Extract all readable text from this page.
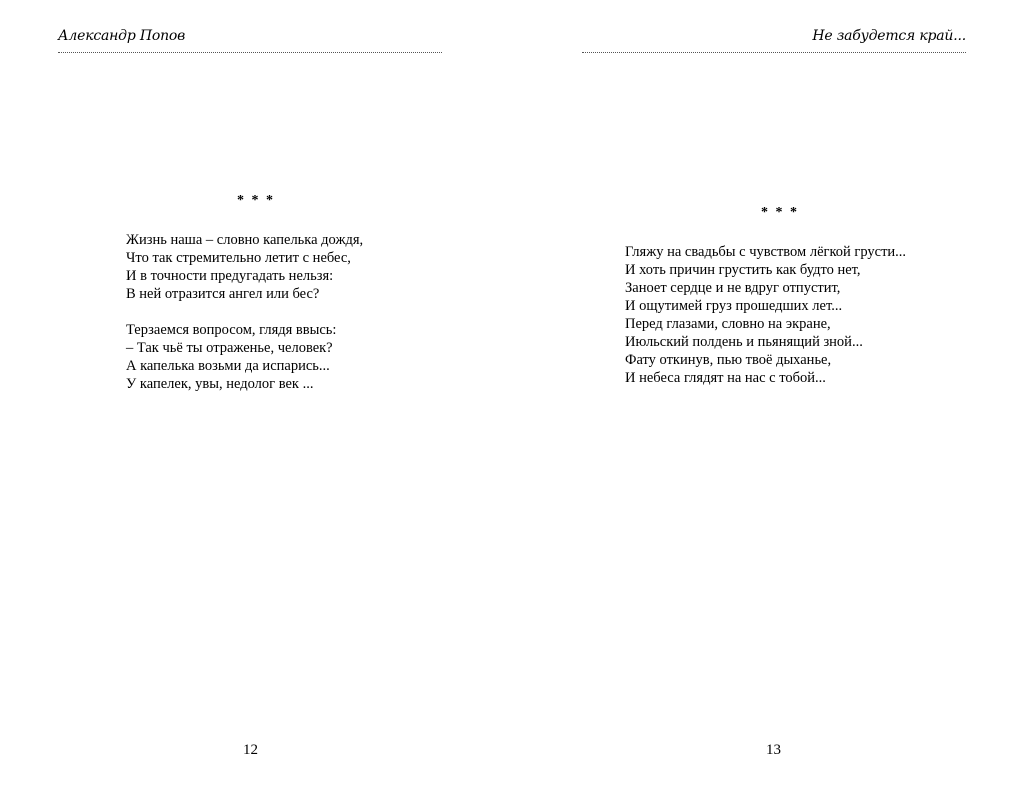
Александр Попов
* * *
Жизнь наша – словно капелька дождя,
Что так стремительно летит с небес,
И в точности предугадать нельзя:
В ней отразится ангел или бес?
Терзаемся вопросом, глядя ввысь:
– Так чьё ты отраженье, человек?
А капелька возьми да испарись...
У капелек, увы, недолог век ...
12
Не забудется край...
* * *
Гляжу на свадьбы с чувством лёгкой грусти...
И хоть причин грустить как будто нет,
Заноет сердце и не вдруг отпустит,
И ощутимей груз прошедших лет...
Перед глазами, словно на экране,
Июльский полдень и пьянящий зной...
Фату откинув, пью твоё дыханье,
И небеса глядят на нас с тобой...
13
